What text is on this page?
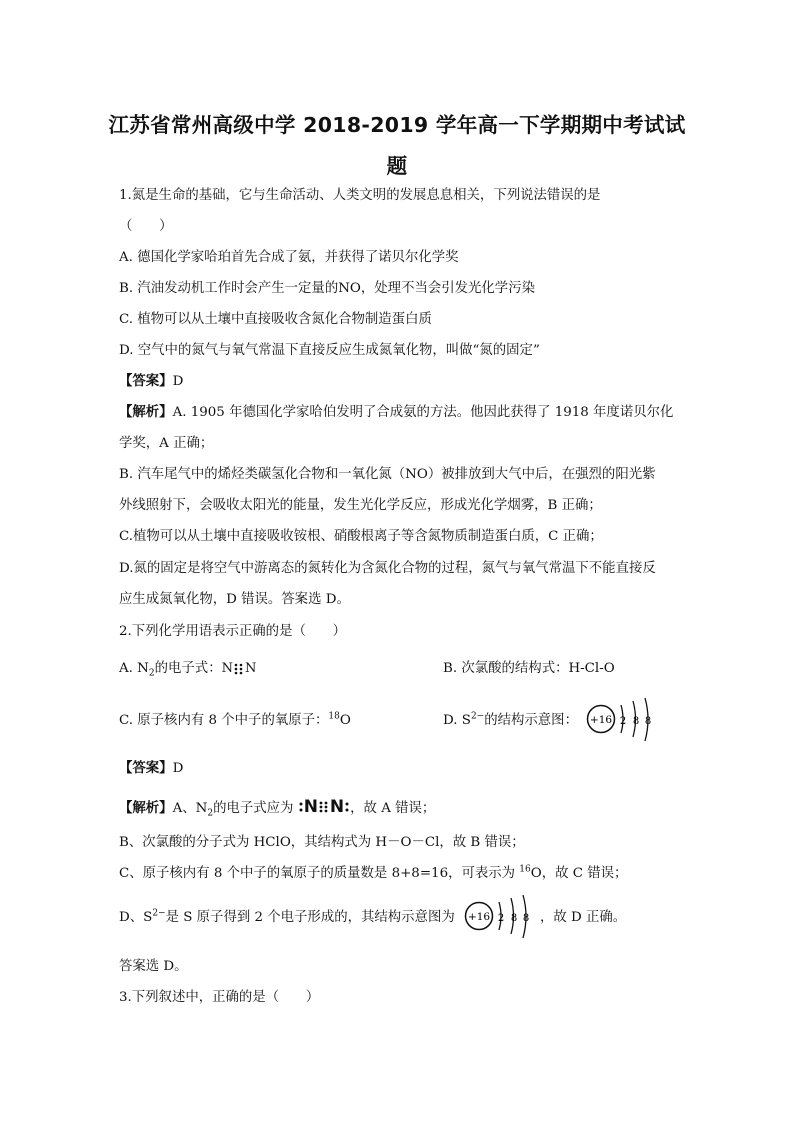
江苏省常州高级中学 2018-2019 学年高一下学期期中考试试
题
1.氮是生命的基础，它与生命活动、人类文明的发展息息相关，下列说法错误的是
（　　）
A. 德国化学家哈珀首先合成了氨，并获得了诺贝尔化学奖
B. 汽油发动机工作时会产生一定量的NO，处理不当会引发光化学污染
C. 植物可以从土壤中直接吸收含氮化合物制造蛋白质
D. 空气中的氮气与氧气常温下直接反应生成氮氧化物，叫做“氮的固定”
【答案】D
【解析】A. 1905 年德国化学家哈伯发明了合成氨的方法。他因此获得了 1918 年度诺贝尔化
学奖，A 正确；
B. 汽车尾气中的烯烃类碳氢化合物和一氧化氮（NO）被排放到大气中后，在强烈的阳光紫
外线照射下，会吸收太阳光的能量，发生光化学反应，形成光化学烟雾，B 正确；
C.植物可以从土壤中直接吸收铵根、硝酸根离子等含氮物质制造蛋白质，C 正确；
D.氮的固定是将空气中游离态的氮转化为含氮化合物的过程，氮气与氧气常温下不能直接反
应生成氮氧化物，D 错误。答案选 D。
2.下列化学用语表示正确的是（　　）
A. $N_2$的电子式：N N	B. 次氯酸的结构式：H-Cl-O
C. 原子核内有 8 个中子的氧原子：$^{18}$O	D. $S^{2-}$的结构示意图： +16 2 8 8
【答案】D
【解析】A、$N_2$的电子式应为 N N ，故 A 错误；
B、次氯酸的分子式为 HClO，其结构式为 H－O－Cl，故 B 错误；
C、原子核内有 8 个中子的氧原子的质量数是 8+8=16，可表示为 $^{16}$O，故 C 错误；
D、$S^{2-}$是 S 原子得到 2 个电子形成的，其结构示意图为 +16 2 8 8 ，故 D 正确。
答案选 D。
3.下列叙述中，正确的是（　　）
